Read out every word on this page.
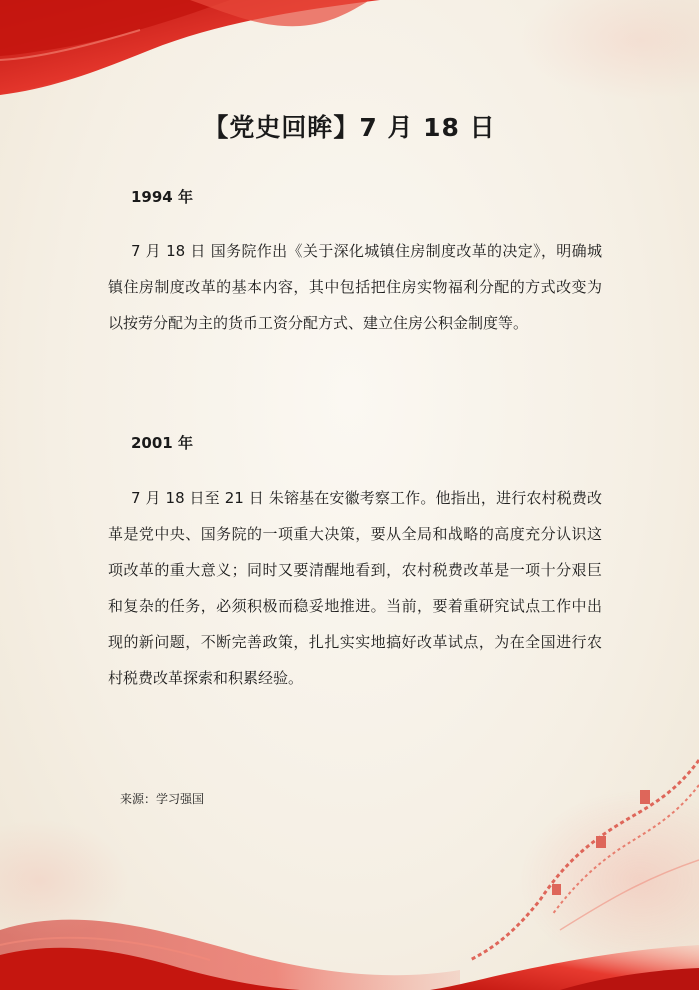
【党史回眸】7 月 18 日
1994 年

7 月 18 日 国务院作出《关于深化城镇住房制度改革的决定》，明确城镇住房制度改革的基本内容，其中包括把住房实物福利分配的方式改变为以按劳分配为主的货币工资分配方式、建立住房公积金制度等。

2001 年

7 月 18 日至 21 日 朱镕基在安徽考察工作。他指出，进行农村税费改革是党中央、国务院的一项重大决策，要从全局和战略的高度充分认识这项改革的重大意义；同时又要清醒地看到，农村税费改革是一项十分艰巨和复杂的任务，必须积极而稳妥地推进。当前，要着重研究试点工作中出现的新问题，不断完善政策，扎扎实实地搞好改革试点，为在全国进行农村税费改革探索和积累经验。

来源：学习强国
